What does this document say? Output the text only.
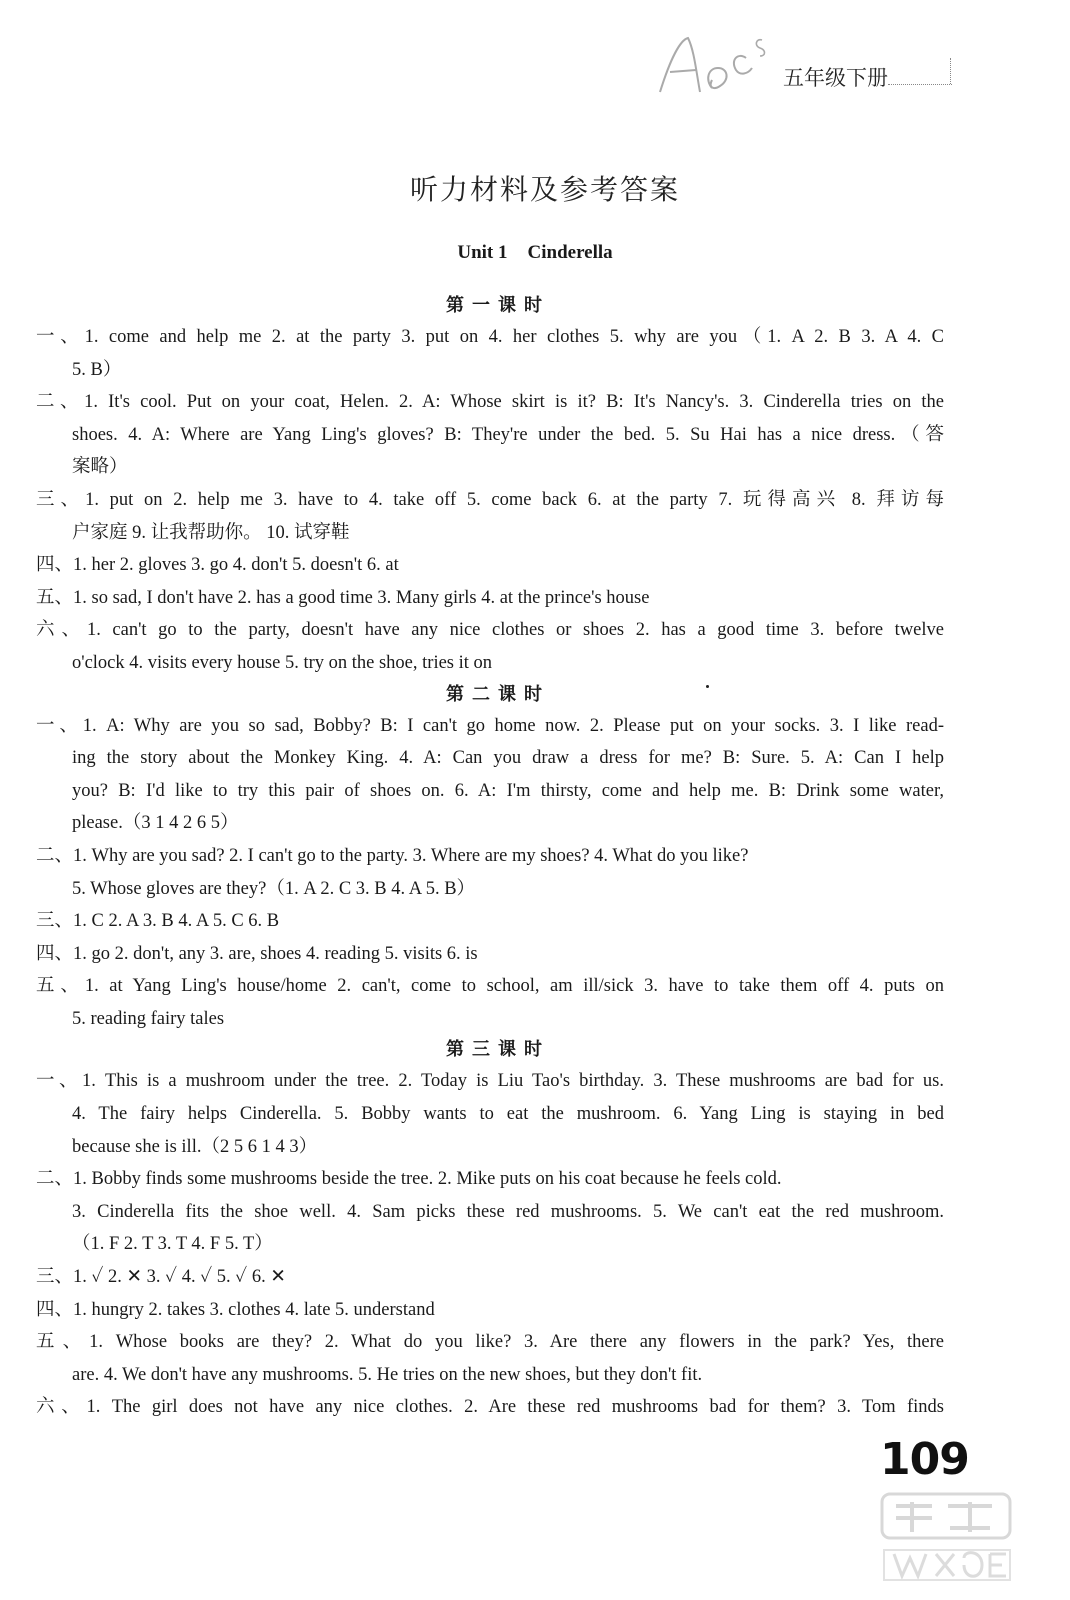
五年级下册
听力材料及参考答案
Unit 1 Cinderella
第一课时
一、1. come and help me 2. at the party 3. put on 4. her clothes 5. why are you（1. A 2. B 3. A 4. C
5. B）
二、1. It's cool. Put on your coat, Helen. 2. A: Whose skirt is it? B: It's Nancy's. 3. Cinderella tries on the
shoes. 4. A: Where are Yang Ling's gloves? B: They're under the bed. 5. Su Hai has a nice dress.（答
案略）
三、1. put on 2. help me 3. have to 4. take off 5. come back 6. at the party 7. 玩得高兴 8. 拜访每
户家庭 9. 让我帮助你。 10. 试穿鞋
四、1. her 2. gloves 3. go 4. don't 5. doesn't 6. at
五、1. so sad, I don't have 2. has a good time 3. Many girls 4. at the prince's house
六、1. can't go to the party, doesn't have any nice clothes or shoes 2. has a good time 3. before twelve
o'clock 4. visits every house 5. try on the shoe, tries it on
第二课时
一、1. A: Why are you so sad, Bobby? B: I can't go home now. 2. Please put on your socks. 3. I like read-
ing the story about the Monkey King. 4. A: Can you draw a dress for me? B: Sure. 5. A: Can I help
you? B: I'd like to try this pair of shoes on. 6. A: I'm thirsty, come and help me. B: Drink some water,
please.（3 1 4 2 6 5）
二、1. Why are you sad? 2. I can't go to the party. 3. Where are my shoes? 4. What do you like?
5. Whose gloves are they?（1. A 2. C 3. B 4. A 5. B）
三、1. C 2. A 3. B 4. A 5. C 6. B
四、1. go 2. don't, any 3. are, shoes 4. reading 5. visits 6. is
五、1. at Yang Ling's house/home 2. can't, come to school, am ill/sick 3. have to take them off 4. puts on
5. reading fairy tales
第三课时
一、1. This is a mushroom under the tree. 2. Today is Liu Tao's birthday. 3. These mushrooms are bad for us.
4. The fairy helps Cinderella. 5. Bobby wants to eat the mushroom. 6. Yang Ling is staying in bed
because she is ill.（2 5 6 1 4 3）
二、1. Bobby finds some mushrooms beside the tree. 2. Mike puts on his coat because he feels cold.
3. Cinderella fits the shoe well. 4. Sam picks these red mushrooms. 5. We can't eat the red mushroom.
（1. F 2. T 3. T 4. F 5. T）
三、1. ✓ 2. ✕ 3. ✓ 4. ✓ 5. ✓ 6. ✕
四、1. hungry 2. takes 3. clothes 4. late 5. understand
五、1. Whose books are they? 2. What do you like? 3. Are there any flowers in the park? Yes, there
are. 4. We don't have any mushrooms. 5. He tries on the new shoes, but they don't fit.
六、1. The girl does not have any nice clothes. 2. Are these red mushrooms bad for them? 3. Tom finds
109
